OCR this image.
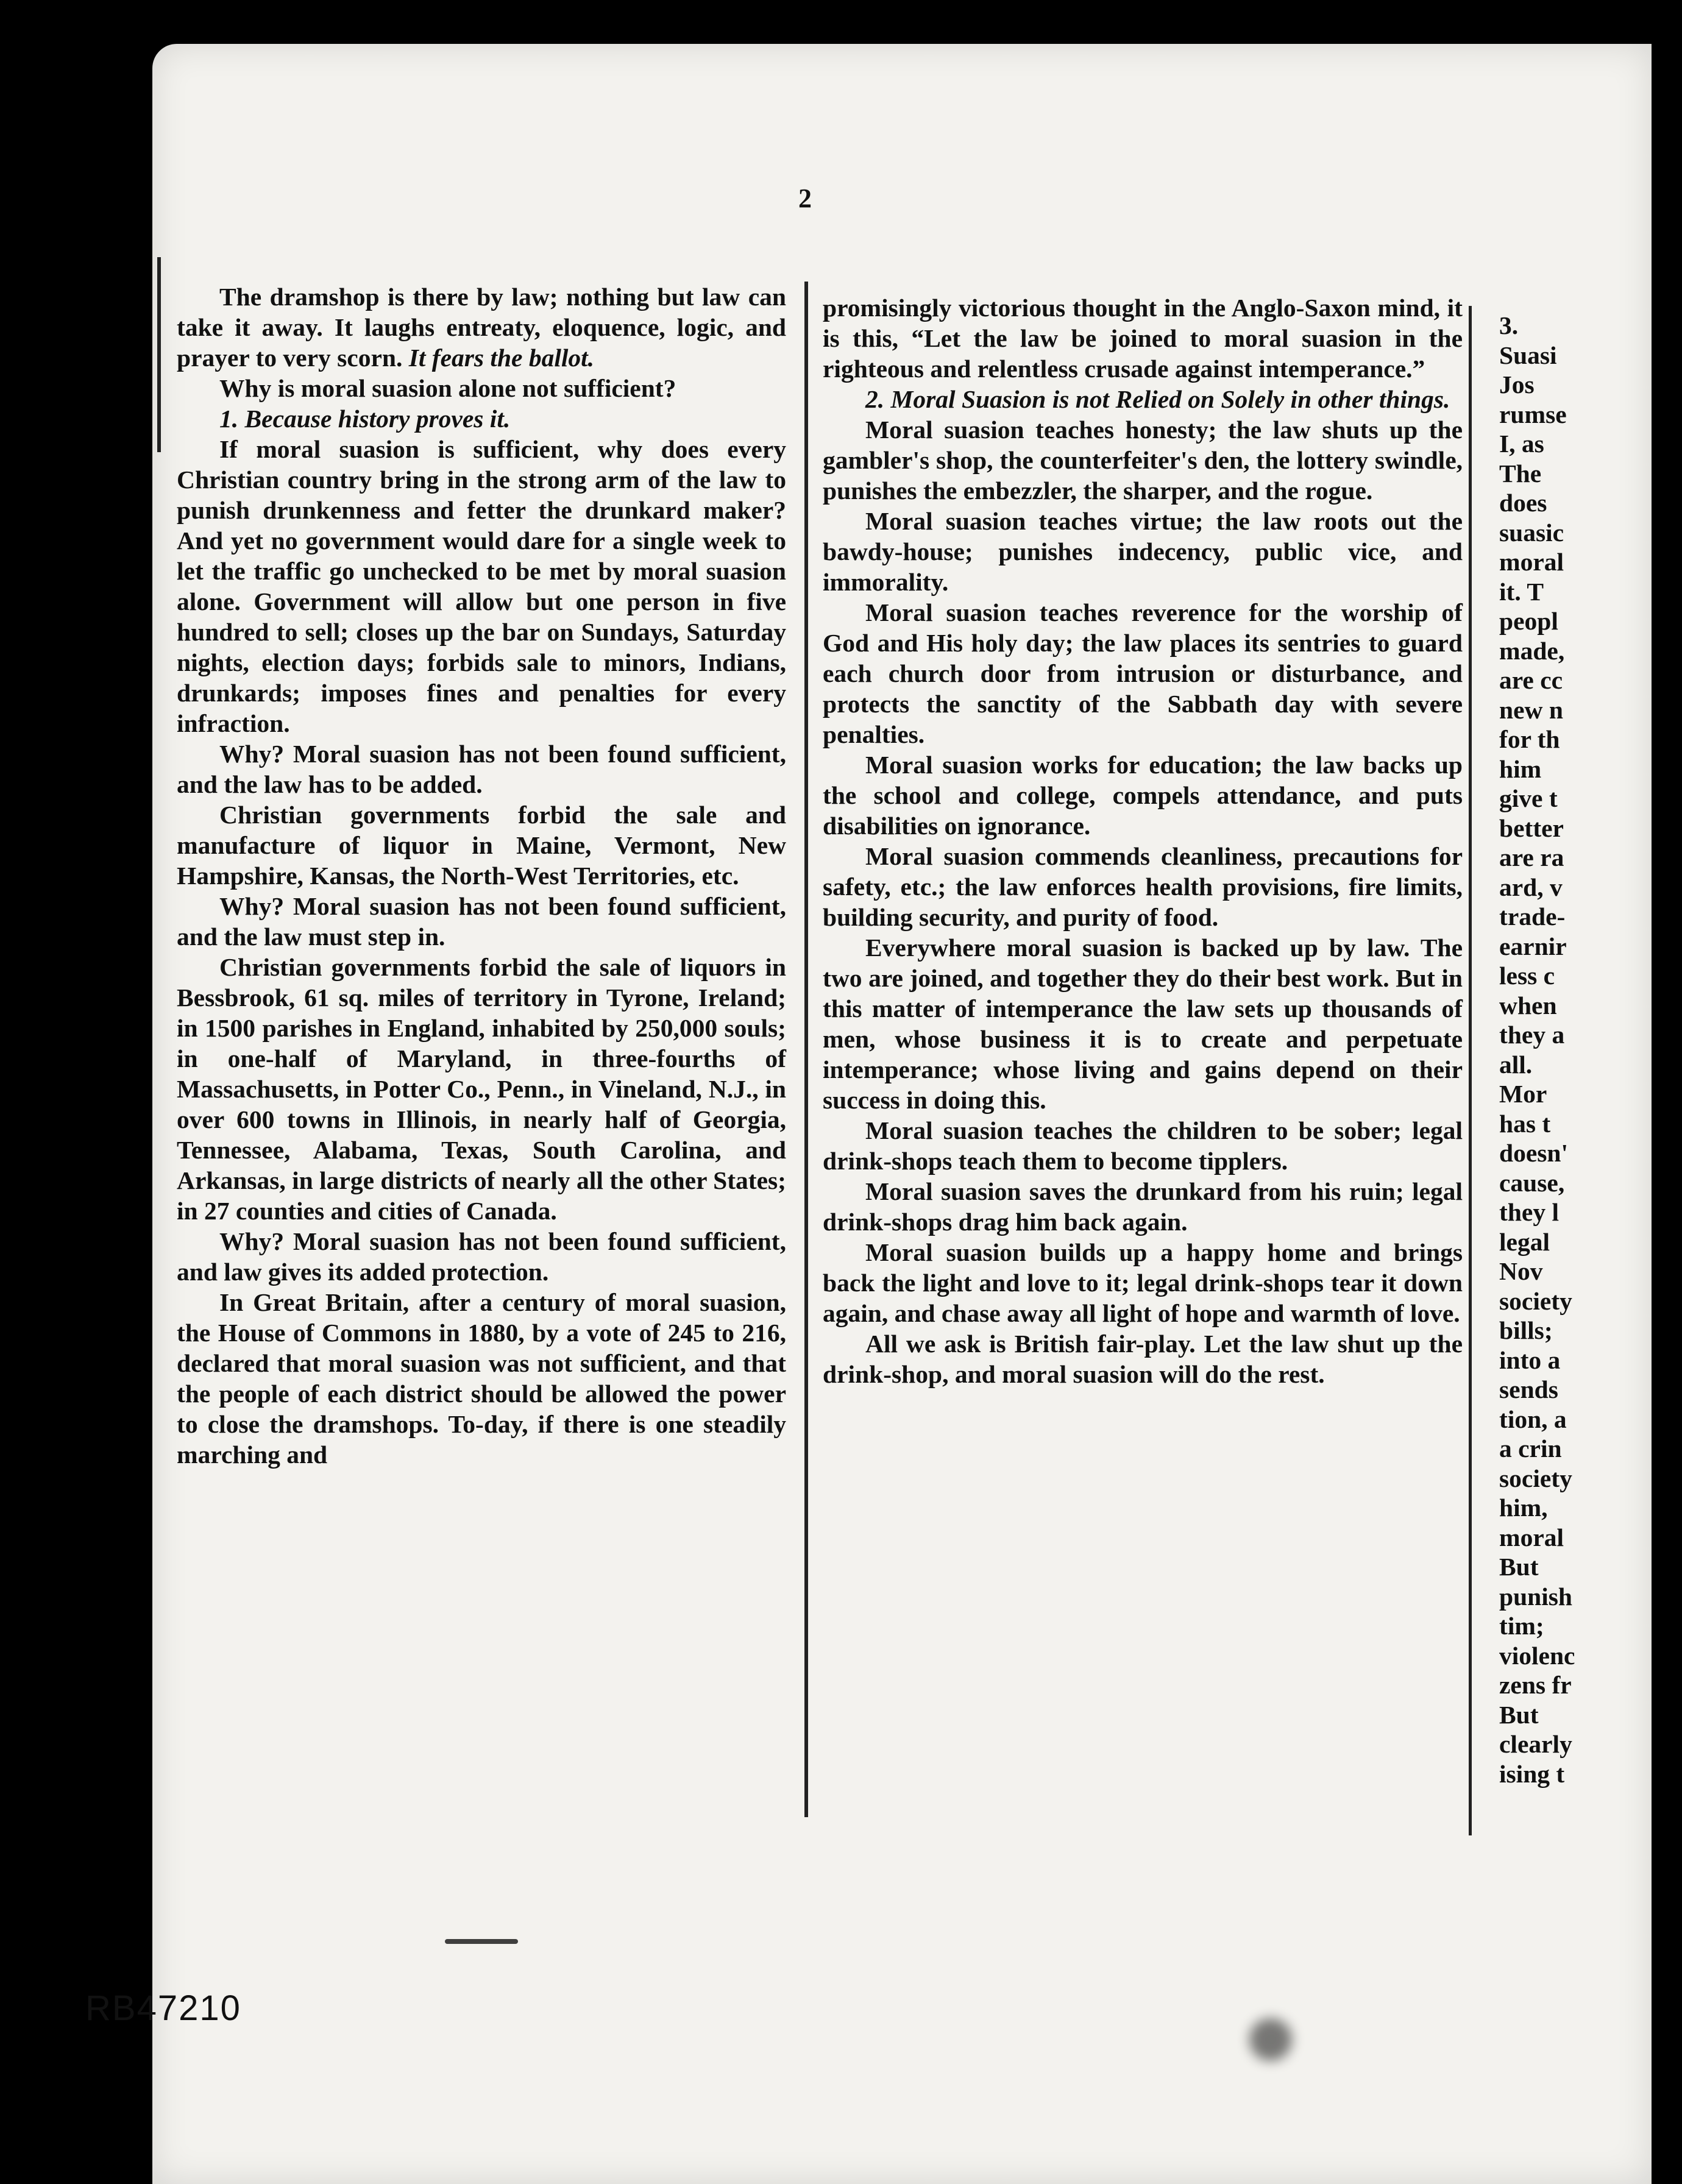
2

The dramshop is there by law; nothing but law can take it away. It laughs entreaty, eloquence, logic, and prayer to very scorn. It fears the ballot.

Why is moral suasion alone not sufficient?

1. Because history proves it.

If moral suasion is sufficient, why does every Christian country bring in the strong arm of the law to punish drunkenness and fetter the drunkard maker? And yet no government would dare for a single week to let the traffic go unchecked to be met by moral suasion alone. Government will allow but one person in five hundred to sell; closes up the bar on Sundays, Saturday nights, election days; forbids sale to minors, Indians, drunkards; imposes fines and penalties for every infraction.

Why? Moral suasion has not been found sufficient, and the law has to be added.

Christian governments forbid the sale and manufacture of liquor in Maine, Vermont, New Hampshire, Kansas, the North-West Territories, etc.

Why? Moral suasion has not been found sufficient, and the law must step in.

Christian governments forbid the sale of liquors in Bessbrook, 61 sq. miles of territory in Tyrone, Ireland; in 1500 parishes in England, inhabited by 250,000 souls; in one-half of Maryland, in three-fourths of Massachusetts, in Potter Co., Penn., in Vineland, N.J., in over 600 towns in Illinois, in nearly half of Georgia, Tennessee, Alabama, Texas, South Carolina, and Arkansas, in large districts of nearly all the other States; in 27 counties and cities of Canada.

Why? Moral suasion has not been found sufficient, and law gives its added protection.

In Great Britain, after a century of moral suasion, the House of Commons in 1880, by a vote of 245 to 216, declared that moral suasion was not sufficient, and that the people of each district should be allowed the power to close the dramshops. To-day, if there is one steadily marching and

promisingly victorious thought in the Anglo-Saxon mind, it is this, “Let the law be joined to moral suasion in the righteous and relentless crusade against intemperance.”

2. Moral Suasion is not Relied on Solely in other things.

Moral suasion teaches honesty; the law shuts up the gambler's shop, the counterfeiter's den, the lottery swindle, punishes the embezzler, the sharper, and the rogue.

Moral suasion teaches virtue; the law roots out the bawdy-house; punishes indecency, public vice, and immorality.

Moral suasion teaches reverence for the worship of God and His holy day; the law places its sentries to guard each church door from intrusion or disturbance, and protects the sanctity of the Sabbath day with severe penalties.

Moral suasion works for education; the law backs up the school and college, compels attendance, and puts disabilities on ignorance.

Moral suasion commends cleanliness, precautions for safety, etc.; the law enforces health provisions, fire limits, building security, and purity of food.

Everywhere moral suasion is backed up by law. The two are joined, and together they do their best work. But in this matter of intemperance the law sets up thousands of men, whose business it is to create and perpetuate intemperance; whose living and gains depend on their success in doing this.

Moral suasion teaches the children to be sober; legal drink-shops teach them to become tipplers.

Moral suasion saves the drunkard from his ruin; legal drink-shops drag him back again.

Moral suasion builds up a happy home and brings back the light and love to it; legal drink-shops tear it down again, and chase away all light of hope and warmth of love.

All we ask is British fair-play. Let the law shut up the drink-shop, and moral suasion will do the rest.

3.
Suasi
Jos
rumse
I, as
The
does
suasic
moral
it. T
peopl
made,
are cc
new n
for th
him
give t
better
are ra
ard, v
trade-
earnir
less c
when
they a
all.
Mor
has t
doesn'
cause,
they l
legal
Nov
society
bills;
into a
sends
tion, a
a crin
society
him,
moral
But
punish
tim;
violenc
zens fr
But
clearly
ising t
RB47210
